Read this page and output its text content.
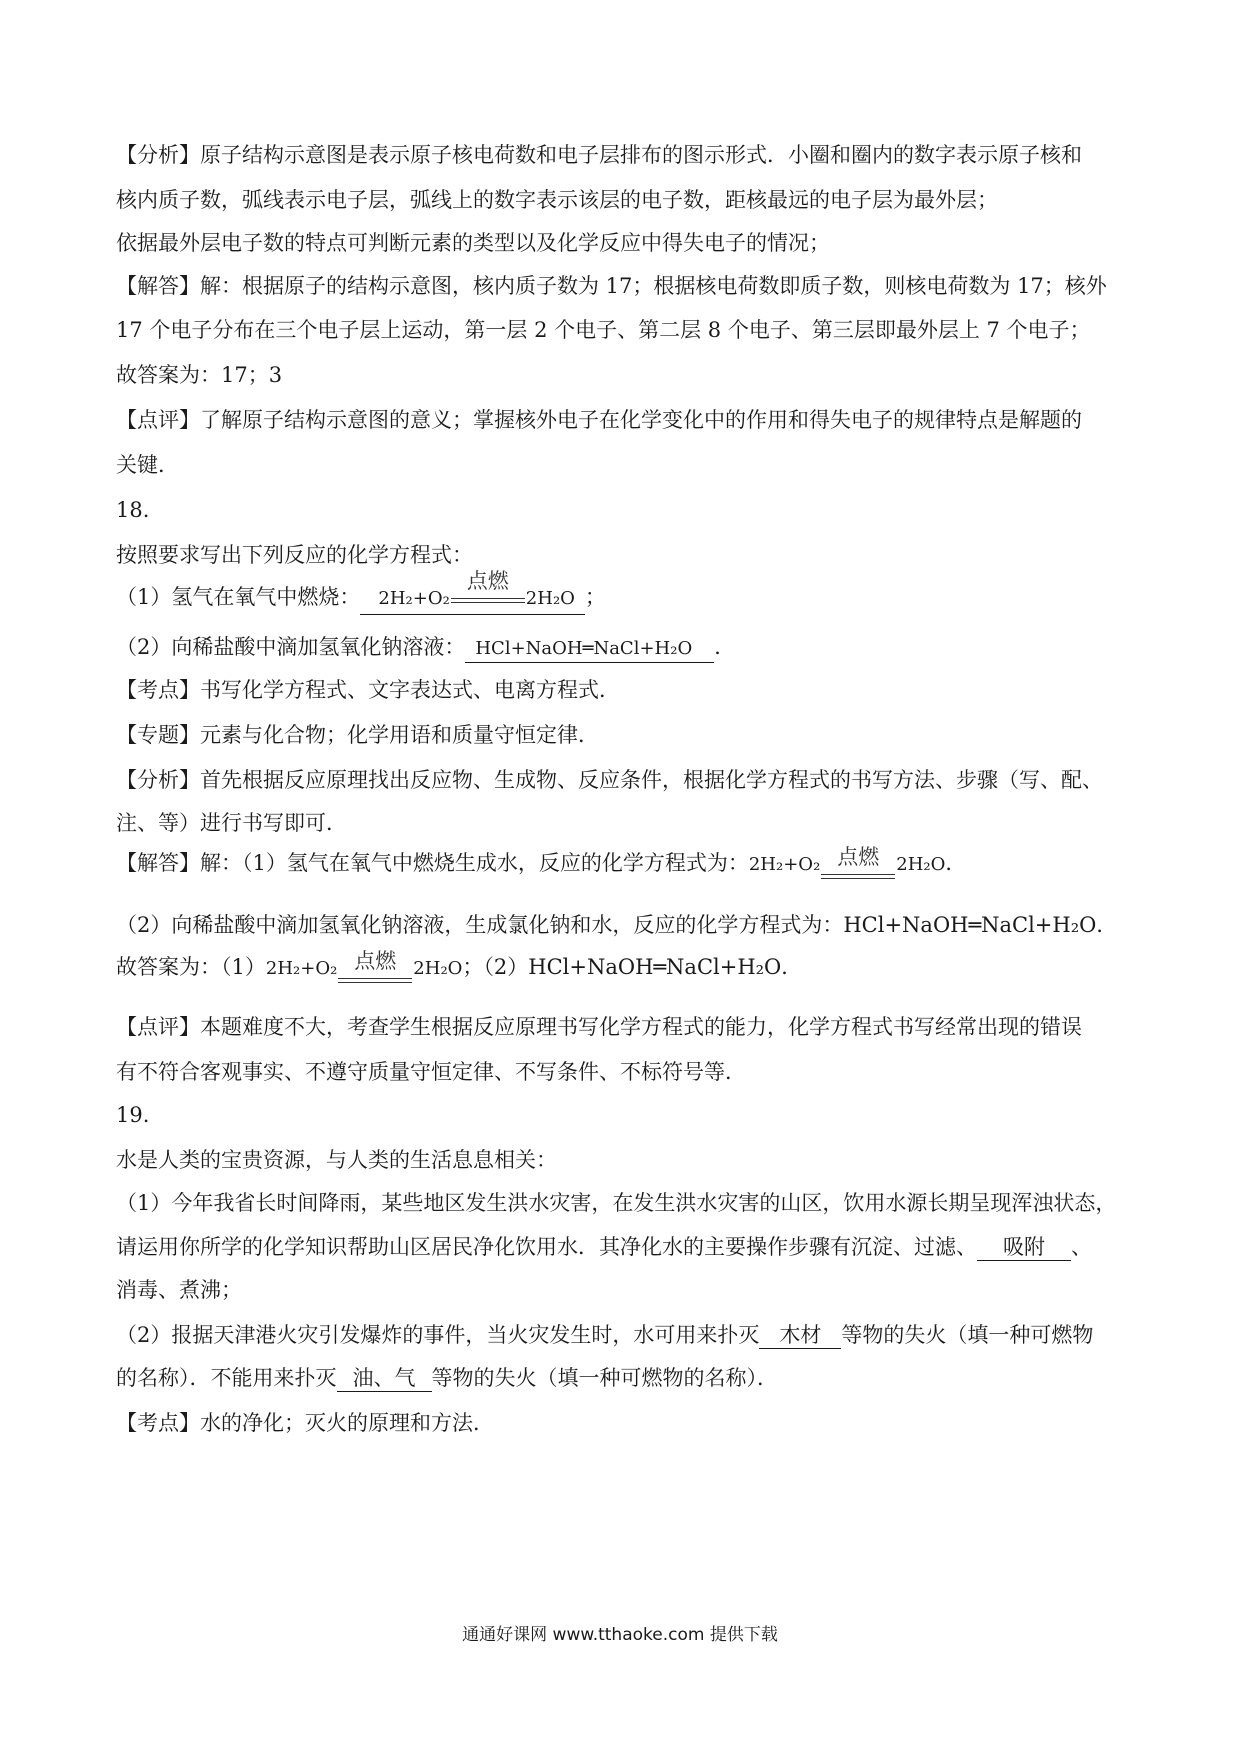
【分析】原子结构示意图是表示原子核电荷数和电子层排布的图示形式．小圈和圈内的数字表示原子核和
核内质子数，弧线表示电子层，弧线上的数字表示该层的电子数，距核最远的电子层为最外层；
依据最外层电子数的特点可判断元素的类型以及化学反应中得失电子的情况；
【解答】解：根据原子的结构示意图，核内质子数为 17；根据核电荷数即质子数，则核电荷数为 17；核外
17 个电子分布在三个电子层上运动，第一层 2 个电子、第二层 8 个电子、第三层即最外层上 7 个电子；
故答案为：17；3
【点评】了解原子结构示意图的意义；掌握核外电子在化学变化中的作用和得失电子的规律特点是解题的
关键．
18.
按照要求写出下列反应的化学方程式：
（1）氢气在氧气中燃烧： 2H₂+O₂
点燃
2H₂O ；
（2）向稀盐酸中滴加氢氧化钠溶液： HCl+NaOH═NaCl+H₂O ．
【考点】书写化学方程式、文字表达式、电离方程式．
【专题】元素与化合物；化学用语和质量守恒定律．
【分析】首先根据反应原理找出反应物、生成物、反应条件，根据化学方程式的书写方法、步骤（写、配、
注、等）进行书写即可．
【解答】解：（1）氢气在氧气中燃烧生成水，反应的化学方程式为：2H₂+O₂ 点燃 2H₂O．
（2）向稀盐酸中滴加氢氧化钠溶液，生成氯化钠和水，反应的化学方程式为：HCl+NaOH═NaCl+H₂O．
故答案为：（1）2H₂+O₂ 点燃 2H₂O；（2）HCl+NaOH═NaCl+H₂O．
【点评】本题难度不大，考查学生根据反应原理书写化学方程式的能力，化学方程式书写经常出现的错误
有不符合客观事实、不遵守质量守恒定律、不写条件、不标符号等．
19.
水是人类的宝贵资源，与人类的生活息息相关：
（1）今年我省长时间降雨，某些地区发生洪水灾害，在发生洪水灾害的山区，饮用水源长期呈现浑浊状态，
请运用你所学的化学知识帮助山区居民净化饮用水．其净化水的主要操作步骤有沉淀、过滤、 吸附 、
消毒、煮沸；
（2）报据天津港火灾引发爆炸的事件，当火灾发生时，水可用来扑灭 木材 等物的失火（填一种可燃物
的名称）．不能用来扑灭 油、气 等物的失火（填一种可燃物的名称）．
【考点】水的净化；灭火的原理和方法．
通通好课网 www.tthaoke.com 提供下载
